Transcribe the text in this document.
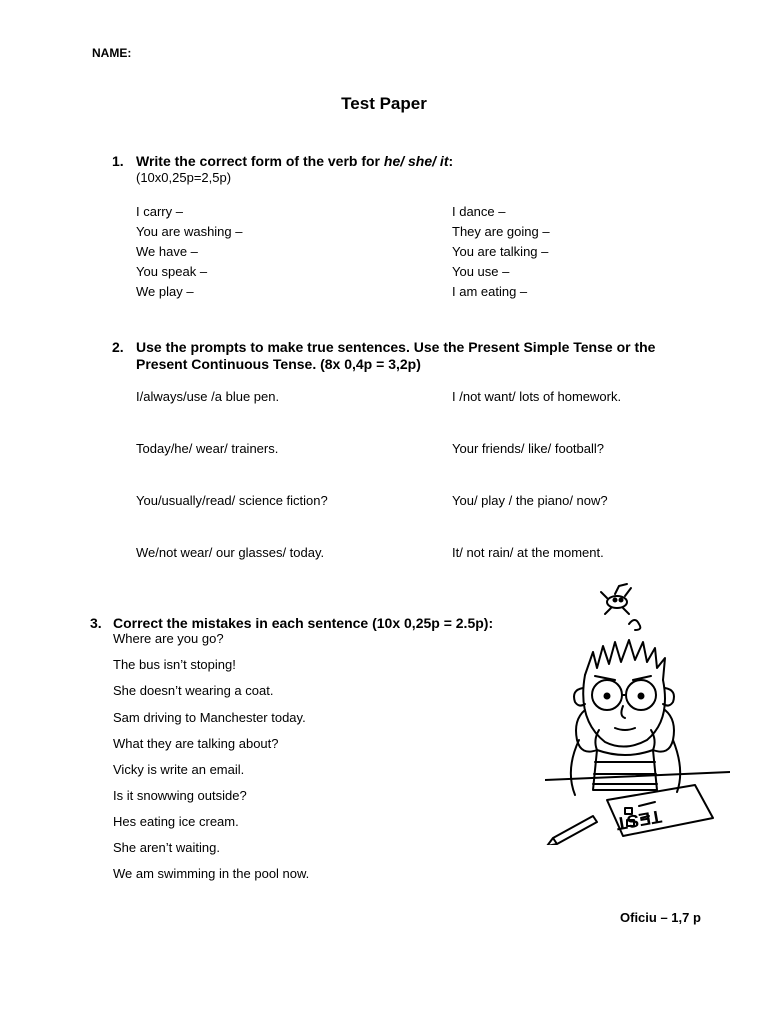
NAME:
Test Paper
1. Write the correct form of the verb for he/ she/ it:
(10x0,25p=2,5p)
I carry –
You are washing –
We have –
You speak –
We play –
I dance –
They are going –
You are talking –
You use –
I am eating –
2. Use the prompts to make true sentences. Use the Present Simple Tense or the
Present Continuous Tense. (8x 0,4p = 3,2p)
I/always/use /a blue pen.
Today/he/ wear/ trainers.
You/usually/read/ science fiction?
We/not wear/ our glasses/ today.
I /not want/ lots of homework.
Your friends/ like/ football?
You/ play / the piano/ now?
It/ not rain/ at the moment.
3. Correct the mistakes in each sentence (10x 0,25p = 2.5p):
Where are you go?
The bus isn’t stoping!
She doesn’t wearing a coat.
Sam driving to Manchester today.
What they are talking about?
Vicky is write an email.
Is it snowwing outside?
Hes eating ice cream.
She aren’t waiting.
We am swimming in the pool now.
TEST
Oficiu – 1,7 p
